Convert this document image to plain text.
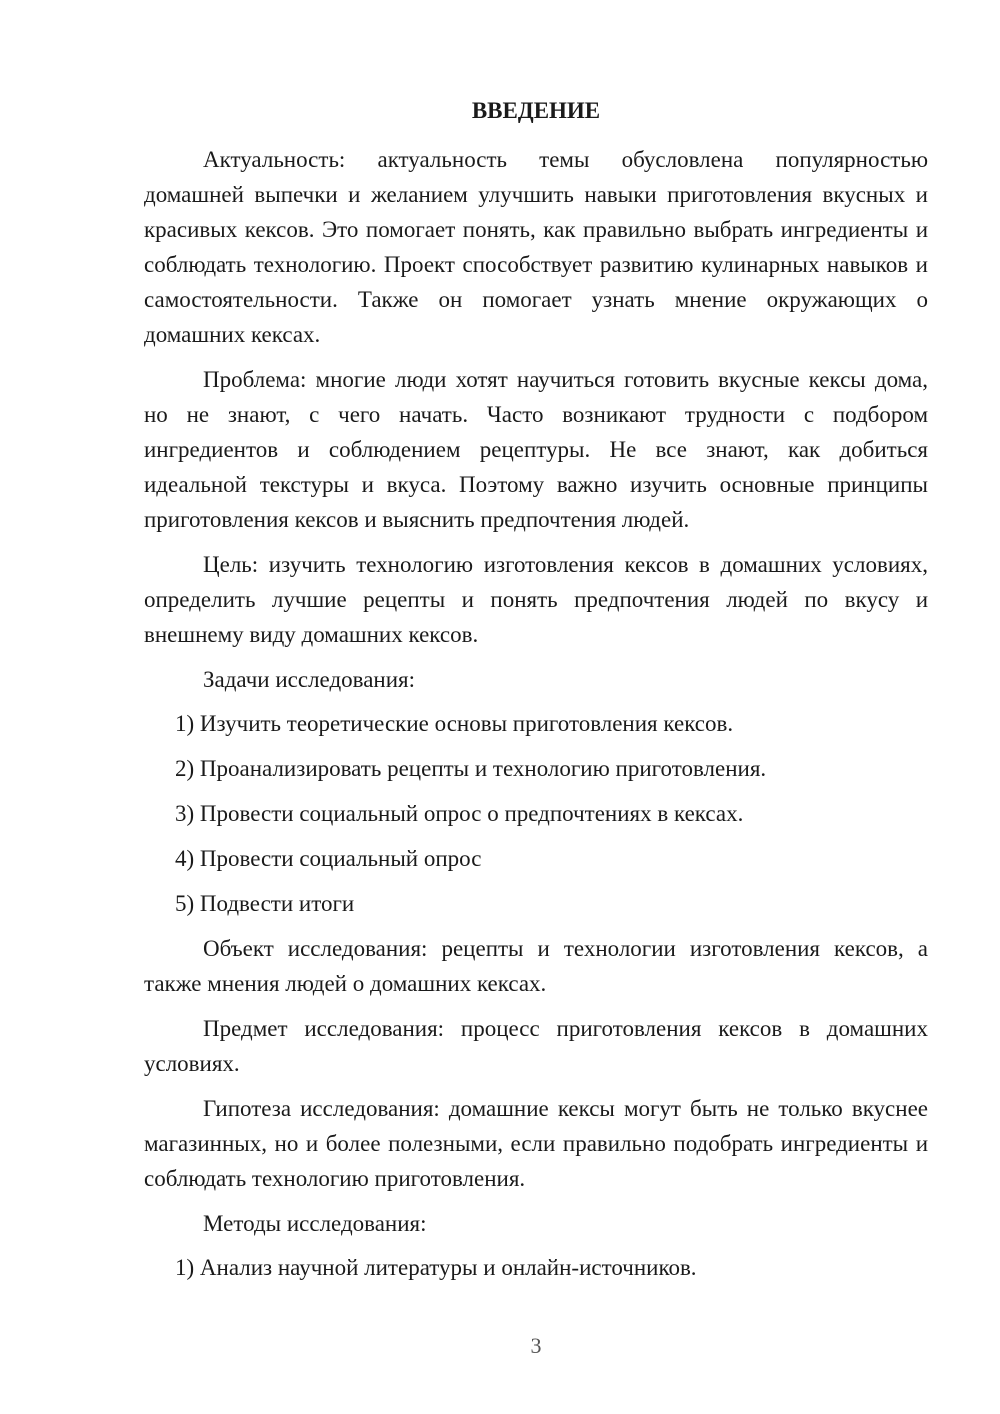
ВВЕДЕНИЕ

Актуальность: актуальность темы обусловлена популярностью домашней выпечки и желанием улучшить навыки приготовления вкусных и красивых кексов. Это помогает понять, как правильно выбрать ингредиенты и соблюдать технологию. Проект способствует развитию кулинарных навыков и самостоятельности. Также он помогает узнать мнение окружающих о домашних кексах.

Проблема: многие люди хотят научиться готовить вкусные кексы дома, но не знают, с чего начать. Часто возникают трудности с подбором ингредиентов и соблюдением рецептуры. Не все знают, как добиться идеальной текстуры и вкуса. Поэтому важно изучить основные принципы приготовления кексов и выяснить предпочтения людей.

Цель: изучить технологию изготовления кексов в домашних условиях, определить лучшие рецепты и понять предпочтения людей по вкусу и внешнему виду домашних кексов.

Задачи исследования:

1) Изучить теоретические основы приготовления кексов.
2) Проанализировать рецепты и технологию приготовления.
3) Провести социальный опрос о предпочтениях в кексах.
4) Провести социальный опрос
5) Подвести итоги

Объект исследования: рецепты и технологии изготовления кексов, а также мнения людей о домашних кексах.

Предмет исследования: процесс приготовления кексов в домашних условиях.

Гипотеза исследования: домашние кексы могут быть не только вкуснее магазинных, но и более полезными, если правильно подобрать ингредиенты и соблюдать технологию приготовления.

Методы исследования:

1) Анализ научной литературы и онлайн-источников.
3
